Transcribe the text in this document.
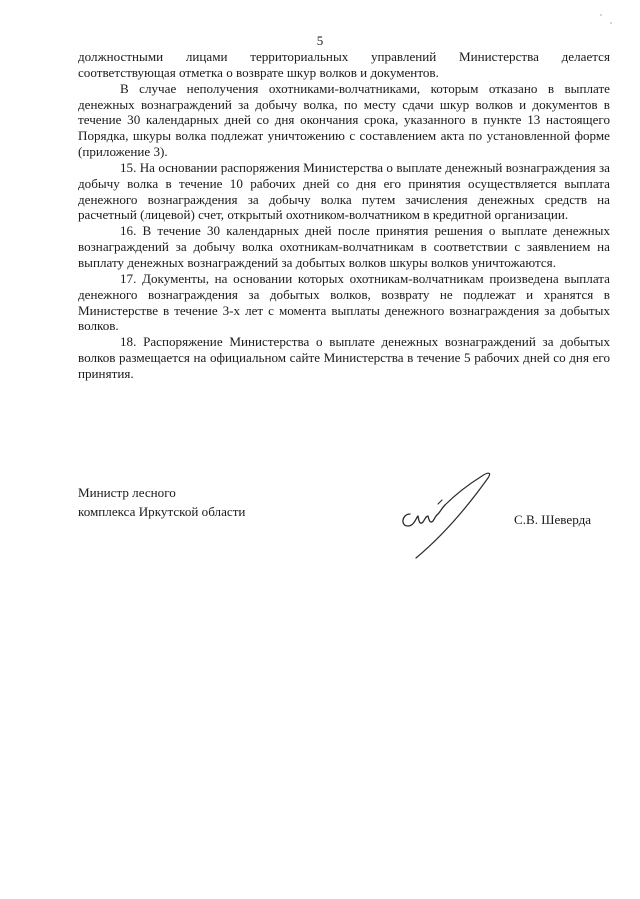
5

должностными лицами территориальных управлений Министерства делается соответствующая отметка о возврате шкур волков и документов.

В случае неполучения охотниками-волчатниками, которым отказано в выплате денежных вознаграждений за добычу волка, по месту сдачи шкур волков и документов в течение 30 календарных дней со дня окончания срока, указанного в пункте 13 настоящего Порядка, шкуры волка подлежат уничтожению с составлением акта по установленной форме (приложение 3).

15. На основании распоряжения Министерства о выплате денежный вознаграждения за добычу волка в течение 10 рабочих дней со дня его принятия осуществляется выплата денежного вознаграждения за добычу волка путем зачисления денежных средств на расчетный (лицевой) счет, открытый охотником-волчатником в кредитной организации.

16. В течение 30 календарных дней после принятия решения о выплате денежных вознаграждений за добычу волка охотникам-волчатникам в соответствии с заявлением на выплату денежных вознаграждений за добытых волков шкуры волков уничтожаются.

17. Документы, на основании которых охотникам-волчатникам произведена выплата денежного вознаграждения за добытых волков, возврату не подлежат и хранятся в Министерстве в течение 3-х лет с момента выплаты денежного вознаграждения за добытых волков.

18. Распоряжение Министерства о выплате денежных вознаграждений за добытых волков размещается на официальном сайте Министерства в течение 5 рабочих дней со дня его принятия.

Министр лесного
комплекса Иркутской области
С.В. Шеверда
